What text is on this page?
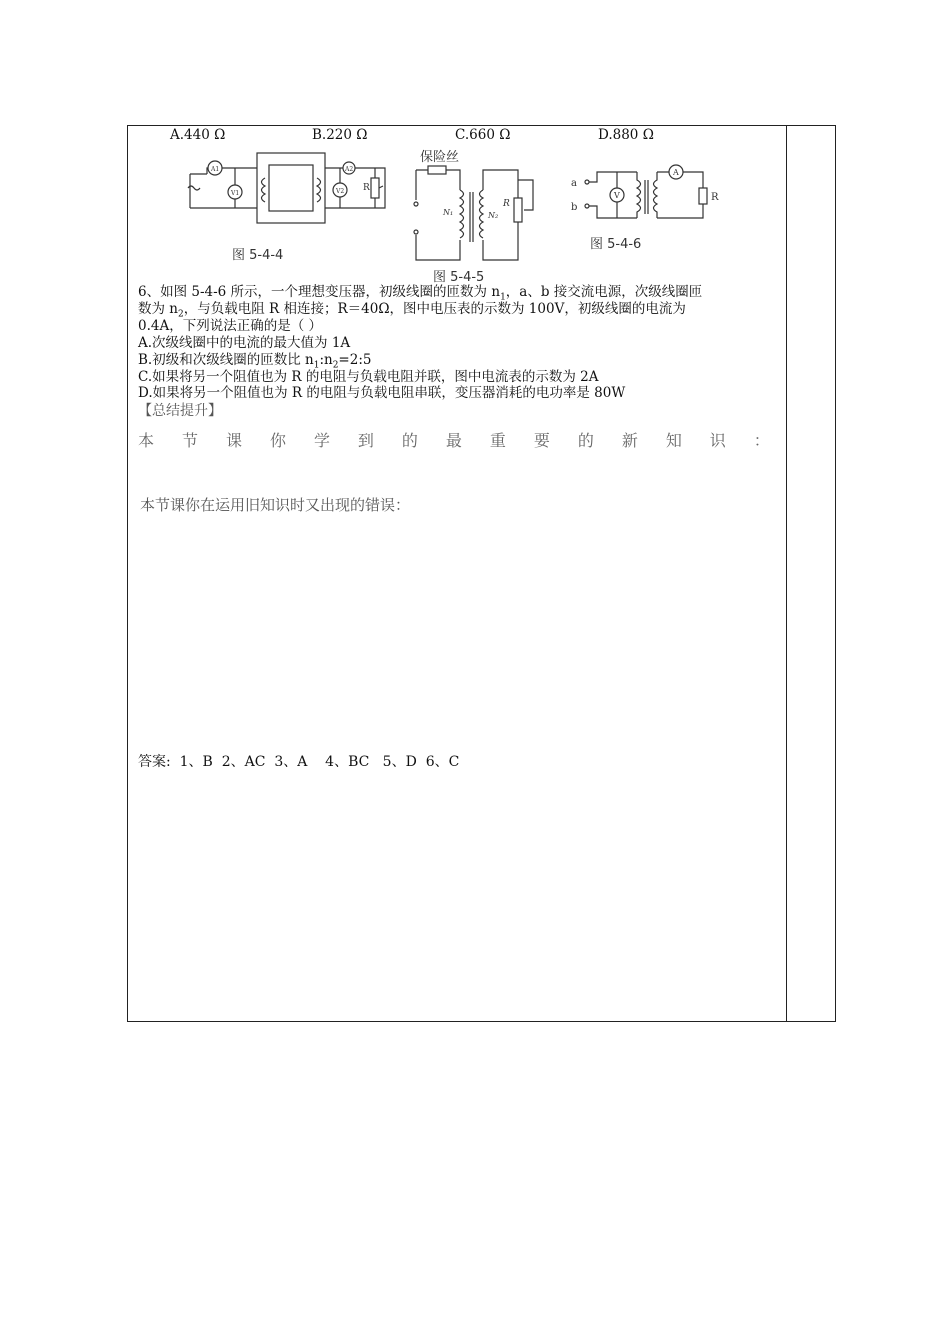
A.440 Ω	B.220 Ω	C.660 Ω	D.880 Ω
A1
V1
A2
V2 R
图 5-4-4
保险丝
N₁	N₂
R
图 5-4-5
a
b
V
A
R
图 5-4-6
6、如图 5-4-6 所示，一个理想变压器，初级线圈的匝数为 $n_1$，a、b 接交流电源，次级线圈匝
数为 $n_2$，与负载电阻 R 相连接；R＝40Ω，图中电压表的示数为 100V，初级线圈的电流为
0.4A，下列说法正确的是（ ）
A.次级线圈中的电流的最大值为 1A
B.初级和次级线圈的匝数比 $n_1:n_2=2:5$
C.如果将另一个阻值也为 R 的电阻与负载电阻并联，图中电流表的示数为 2A
D.如果将另一个阻值也为 R 的电阻与负载电阻串联，变压器消耗的电功率是 80W
【总结提升】
本 节 课 你 学 到 的 最 重 要 的 新 知 识 ：
本节课你在运用旧知识时又出现的错误：
答案:  1、B  2、AC  3、A    4、BC   5、D  6、C
